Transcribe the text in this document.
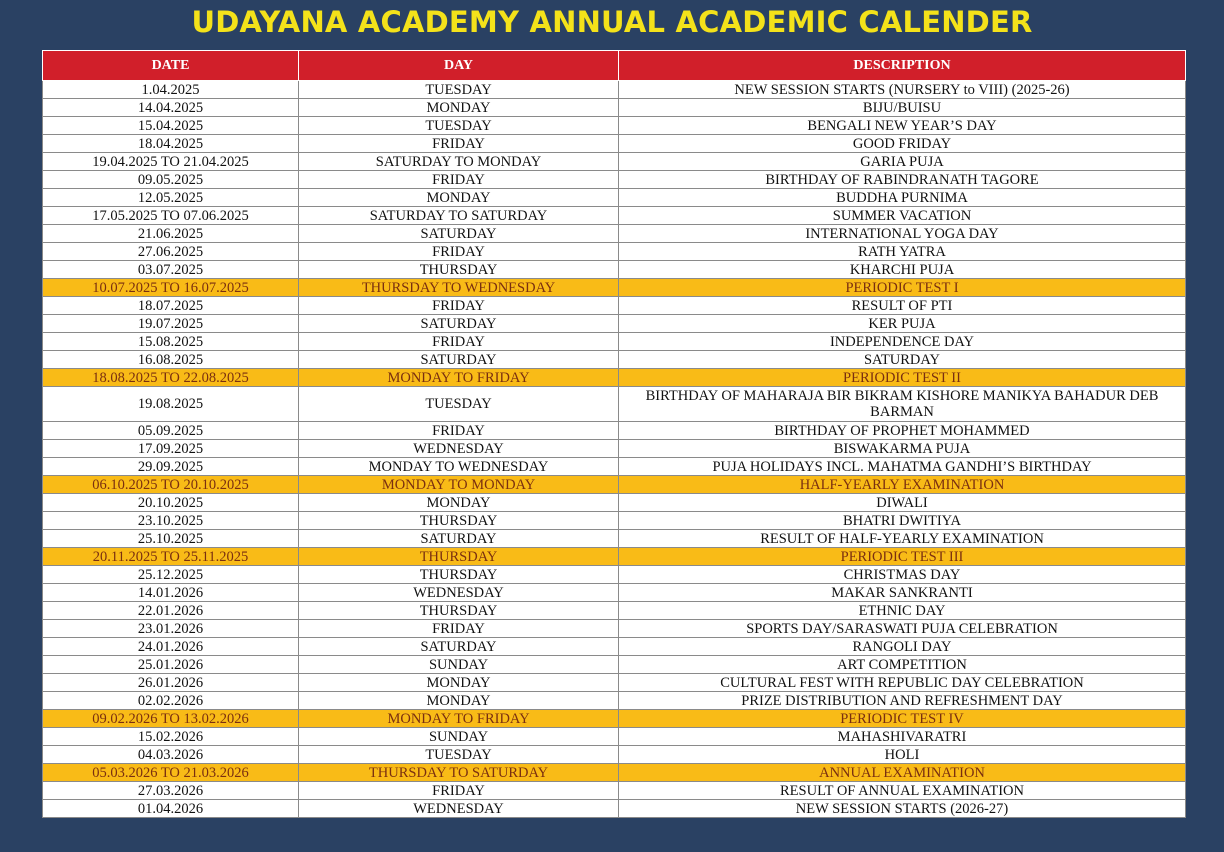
UDAYANA ACADEMY ANNUAL ACADEMIC CALENDER
DATE	DAY	DESCRIPTION
1.04.2025	TUESDAY	NEW SESSION STARTS (NURSERY to VIII) (2025-26)
14.04.2025	MONDAY	BIJU/BUISU
15.04.2025	TUESDAY	BENGALI NEW YEAR’S DAY
18.04.2025	FRIDAY	GOOD FRIDAY
19.04.2025 TO 21.04.2025	SATURDAY TO MONDAY	GARIA PUJA
09.05.2025	FRIDAY	BIRTHDAY OF RABINDRANATH TAGORE
12.05.2025	MONDAY	BUDDHA PURNIMA
17.05.2025 TO 07.06.2025	SATURDAY TO SATURDAY	SUMMER VACATION
21.06.2025	SATURDAY	INTERNATIONAL YOGA DAY
27.06.2025	FRIDAY	RATH YATRA
03.07.2025	THURSDAY	KHARCHI PUJA
10.07.2025 TO 16.07.2025	THURSDAY TO WEDNESDAY	PERIODIC TEST I
18.07.2025	FRIDAY	RESULT OF PTI
19.07.2025	SATURDAY	KER PUJA
15.08.2025	FRIDAY	INDEPENDENCE DAY
16.08.2025	SATURDAY	SATURDAY
18.08.2025 TO 22.08.2025	MONDAY TO FRIDAY	PERIODIC TEST II
19.08.2025	TUESDAY	BIRTHDAY OF MAHARAJA BIR BIKRAM KISHORE MANIKYA BAHADUR DEB BARMAN
05.09.2025	FRIDAY	BIRTHDAY OF PROPHET MOHAMMED
17.09.2025	WEDNESDAY	BISWAKARMA PUJA
29.09.2025	MONDAY TO WEDNESDAY	PUJA HOLIDAYS INCL. MAHATMA GANDHI’S BIRTHDAY
06.10.2025 TO 20.10.2025	MONDAY TO MONDAY	HALF-YEARLY EXAMINATION
20.10.2025	MONDAY	DIWALI
23.10.2025	THURSDAY	BHATRI DWITIYA
25.10.2025	SATURDAY	RESULT OF HALF-YEARLY EXAMINATION
20.11.2025 TO 25.11.2025	THURSDAY	PERIODIC TEST III
25.12.2025	THURSDAY	CHRISTMAS DAY
14.01.2026	WEDNESDAY	MAKAR SANKRANTI
22.01.2026	THURSDAY	ETHNIC DAY
23.01.2026	FRIDAY	SPORTS DAY/SARASWATI PUJA CELEBRATION
24.01.2026	SATURDAY	RANGOLI DAY
25.01.2026	SUNDAY	ART COMPETITION
26.01.2026	MONDAY	CULTURAL FEST WITH REPUBLIC DAY CELEBRATION
02.02.2026	MONDAY	PRIZE DISTRIBUTION AND REFRESHMENT DAY
09.02.2026 TO 13.02.2026	MONDAY TO FRIDAY	PERIODIC TEST IV
15.02.2026	SUNDAY	MAHASHIVARATRI
04.03.2026	TUESDAY	HOLI
05.03.2026 TO 21.03.2026	THURSDAY TO SATURDAY	ANNUAL EXAMINATION
27.03.2026	FRIDAY	RESULT OF ANNUAL EXAMINATION
01.04.2026	WEDNESDAY	NEW SESSION STARTS (2026-27)
